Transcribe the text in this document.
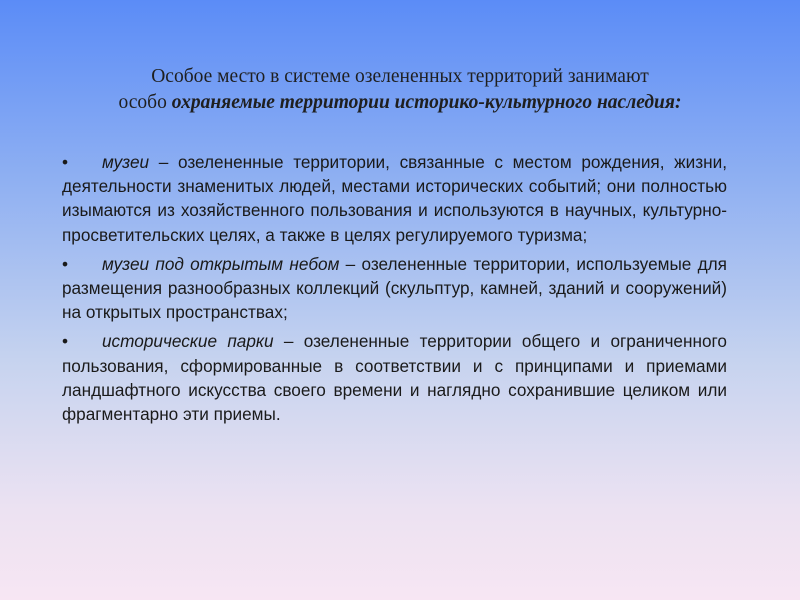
Особое место в системе озелененных территорий занимают
особо охраняемые территории историко-культурного наследия:
• музеи – озелененные территории, связанные с местом рождения, жизни, деятельности знаменитых людей, местами исторических событий; они полностью изымаются из хозяйственного пользования и используются в научных, культурно-просветительских целях, а также в целях регулируемого туризма;
• музеи под открытым небом – озелененные территории, используемые для размещения разнообразных коллекций (скульптур, камней, зданий и сооружений) на открытых пространствах;
• исторические парки – озелененные территории общего и ограниченного пользования, сформированные в соответствии и с принципами и приемами ландшафтного искусства своего времени и наглядно сохранившие целиком или фрагментарно эти приемы.
